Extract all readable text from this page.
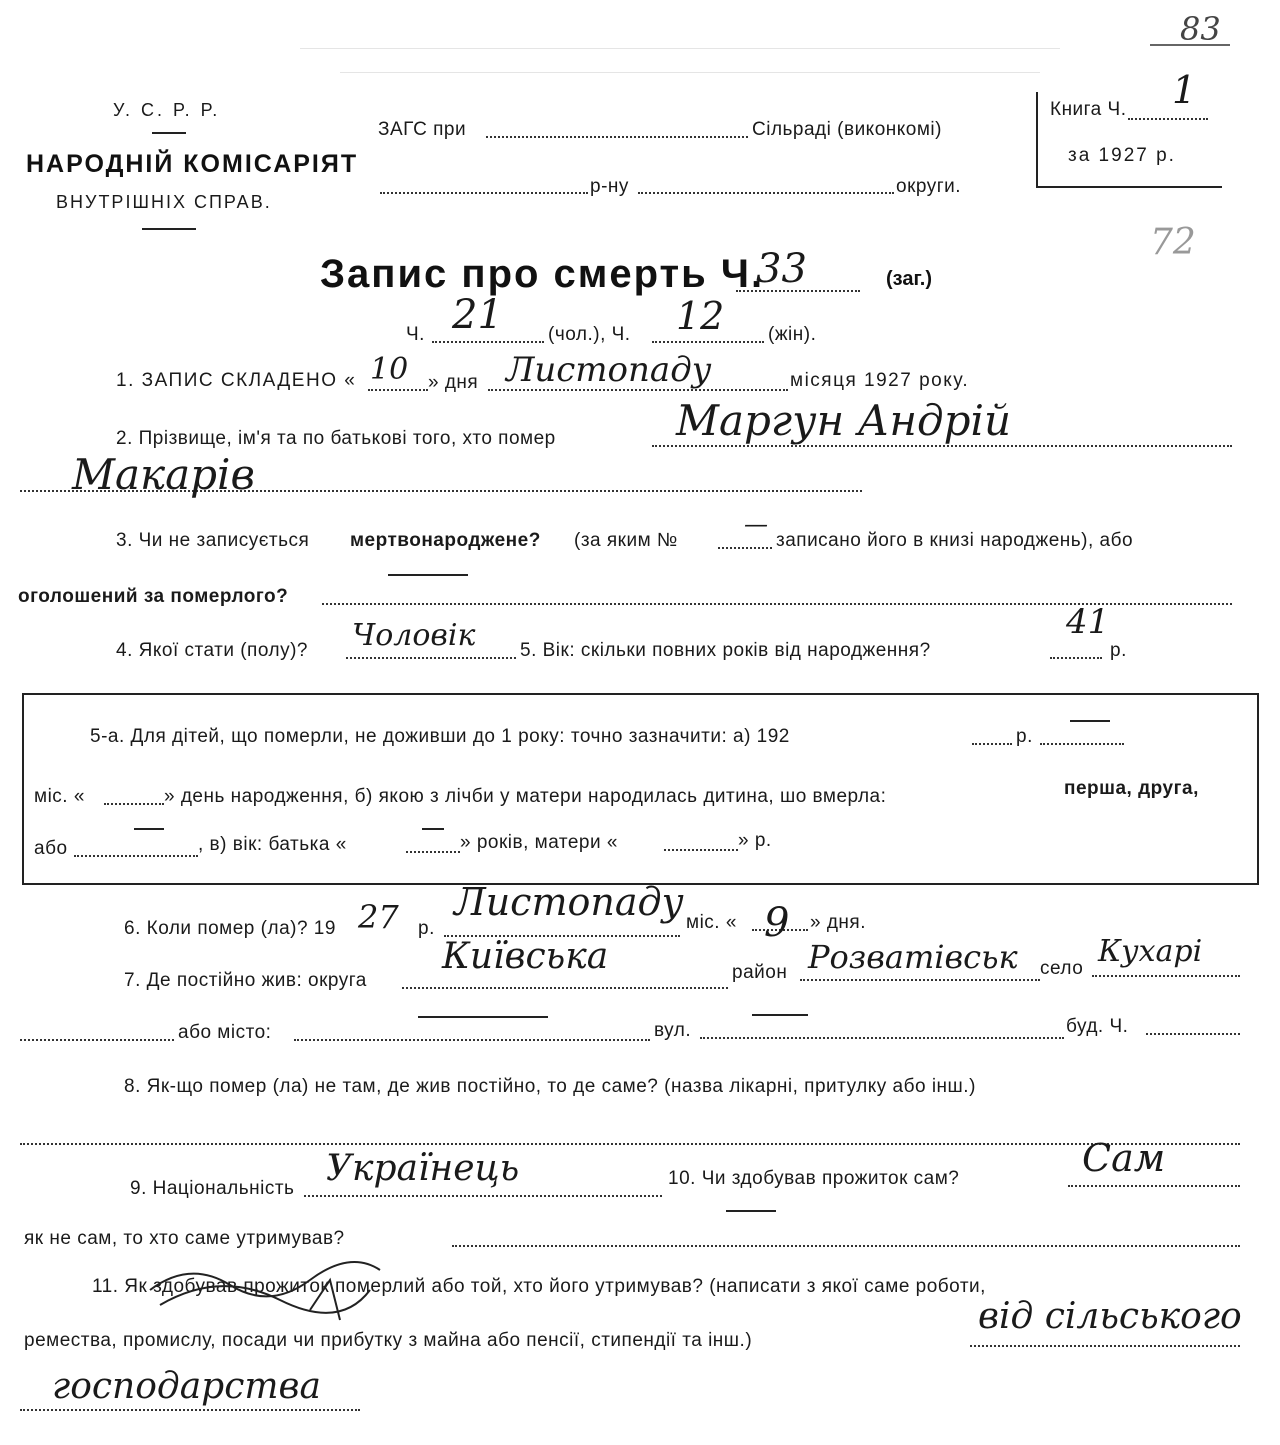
У. С. Р. Р.
НАРОДНІЙ КОМІСАРІЯТ
ВНУТРІШНІХ СПРАВ.
ЗАГС при	Сільраді (виконкомі)
р-ну	округи.
Книга Ч. 1
за 1927 р.
83
Запис про смерть Ч.
33	(заг.)
72
Ч. 21 (чол.), Ч. 12 (жін).
1. ЗАПИС СКЛАДЕНО « 10 » дня Листопаду	місяця 1927 року.
2. Прізвище, ім'я та по батькові того, хто помер	Маргун Андрій
Макарів
3. Чи не записується мертвонароджене? (за яким №
—
записано його в книзі народжень), або
оголошений за померлого?
4. Якої стати (полу)? Чоловік 5. Вік: скільки повних років від народження?
41
р.
5-а. Для дітей, що померли, не доживши до 1 року: точно зазначити: а) 192	р.
міс. «	» день народження, б) якою з лічби у матери народилась дитина, шо вмерла:	перша, друга,
або	, в) вік: батька «	» років, матери «	» р.
6. Коли помер (ла)? 19 27 р.
Листопаду міс. « 9 » дня.
7. Де постійно жив: округа
Київська	район Розватівськ село Кухарі
або місто:	вул.	буд. Ч.
8. Як-що помер (ла) не там, де жив постійно, то де саме? (назва лікарні, притулку або інш.)
9. Національність Українець	10. Чи здобував прожиток сам?	Сам
як не сам, то хто саме утримував?
11. Як здобував прожиток померлий або той, хто його утримував? (написати з якої саме роботи,
ремества, промислу, посади чи прибутку з майна або пенсії, стипендії та інш.)
від сільського
господарства
